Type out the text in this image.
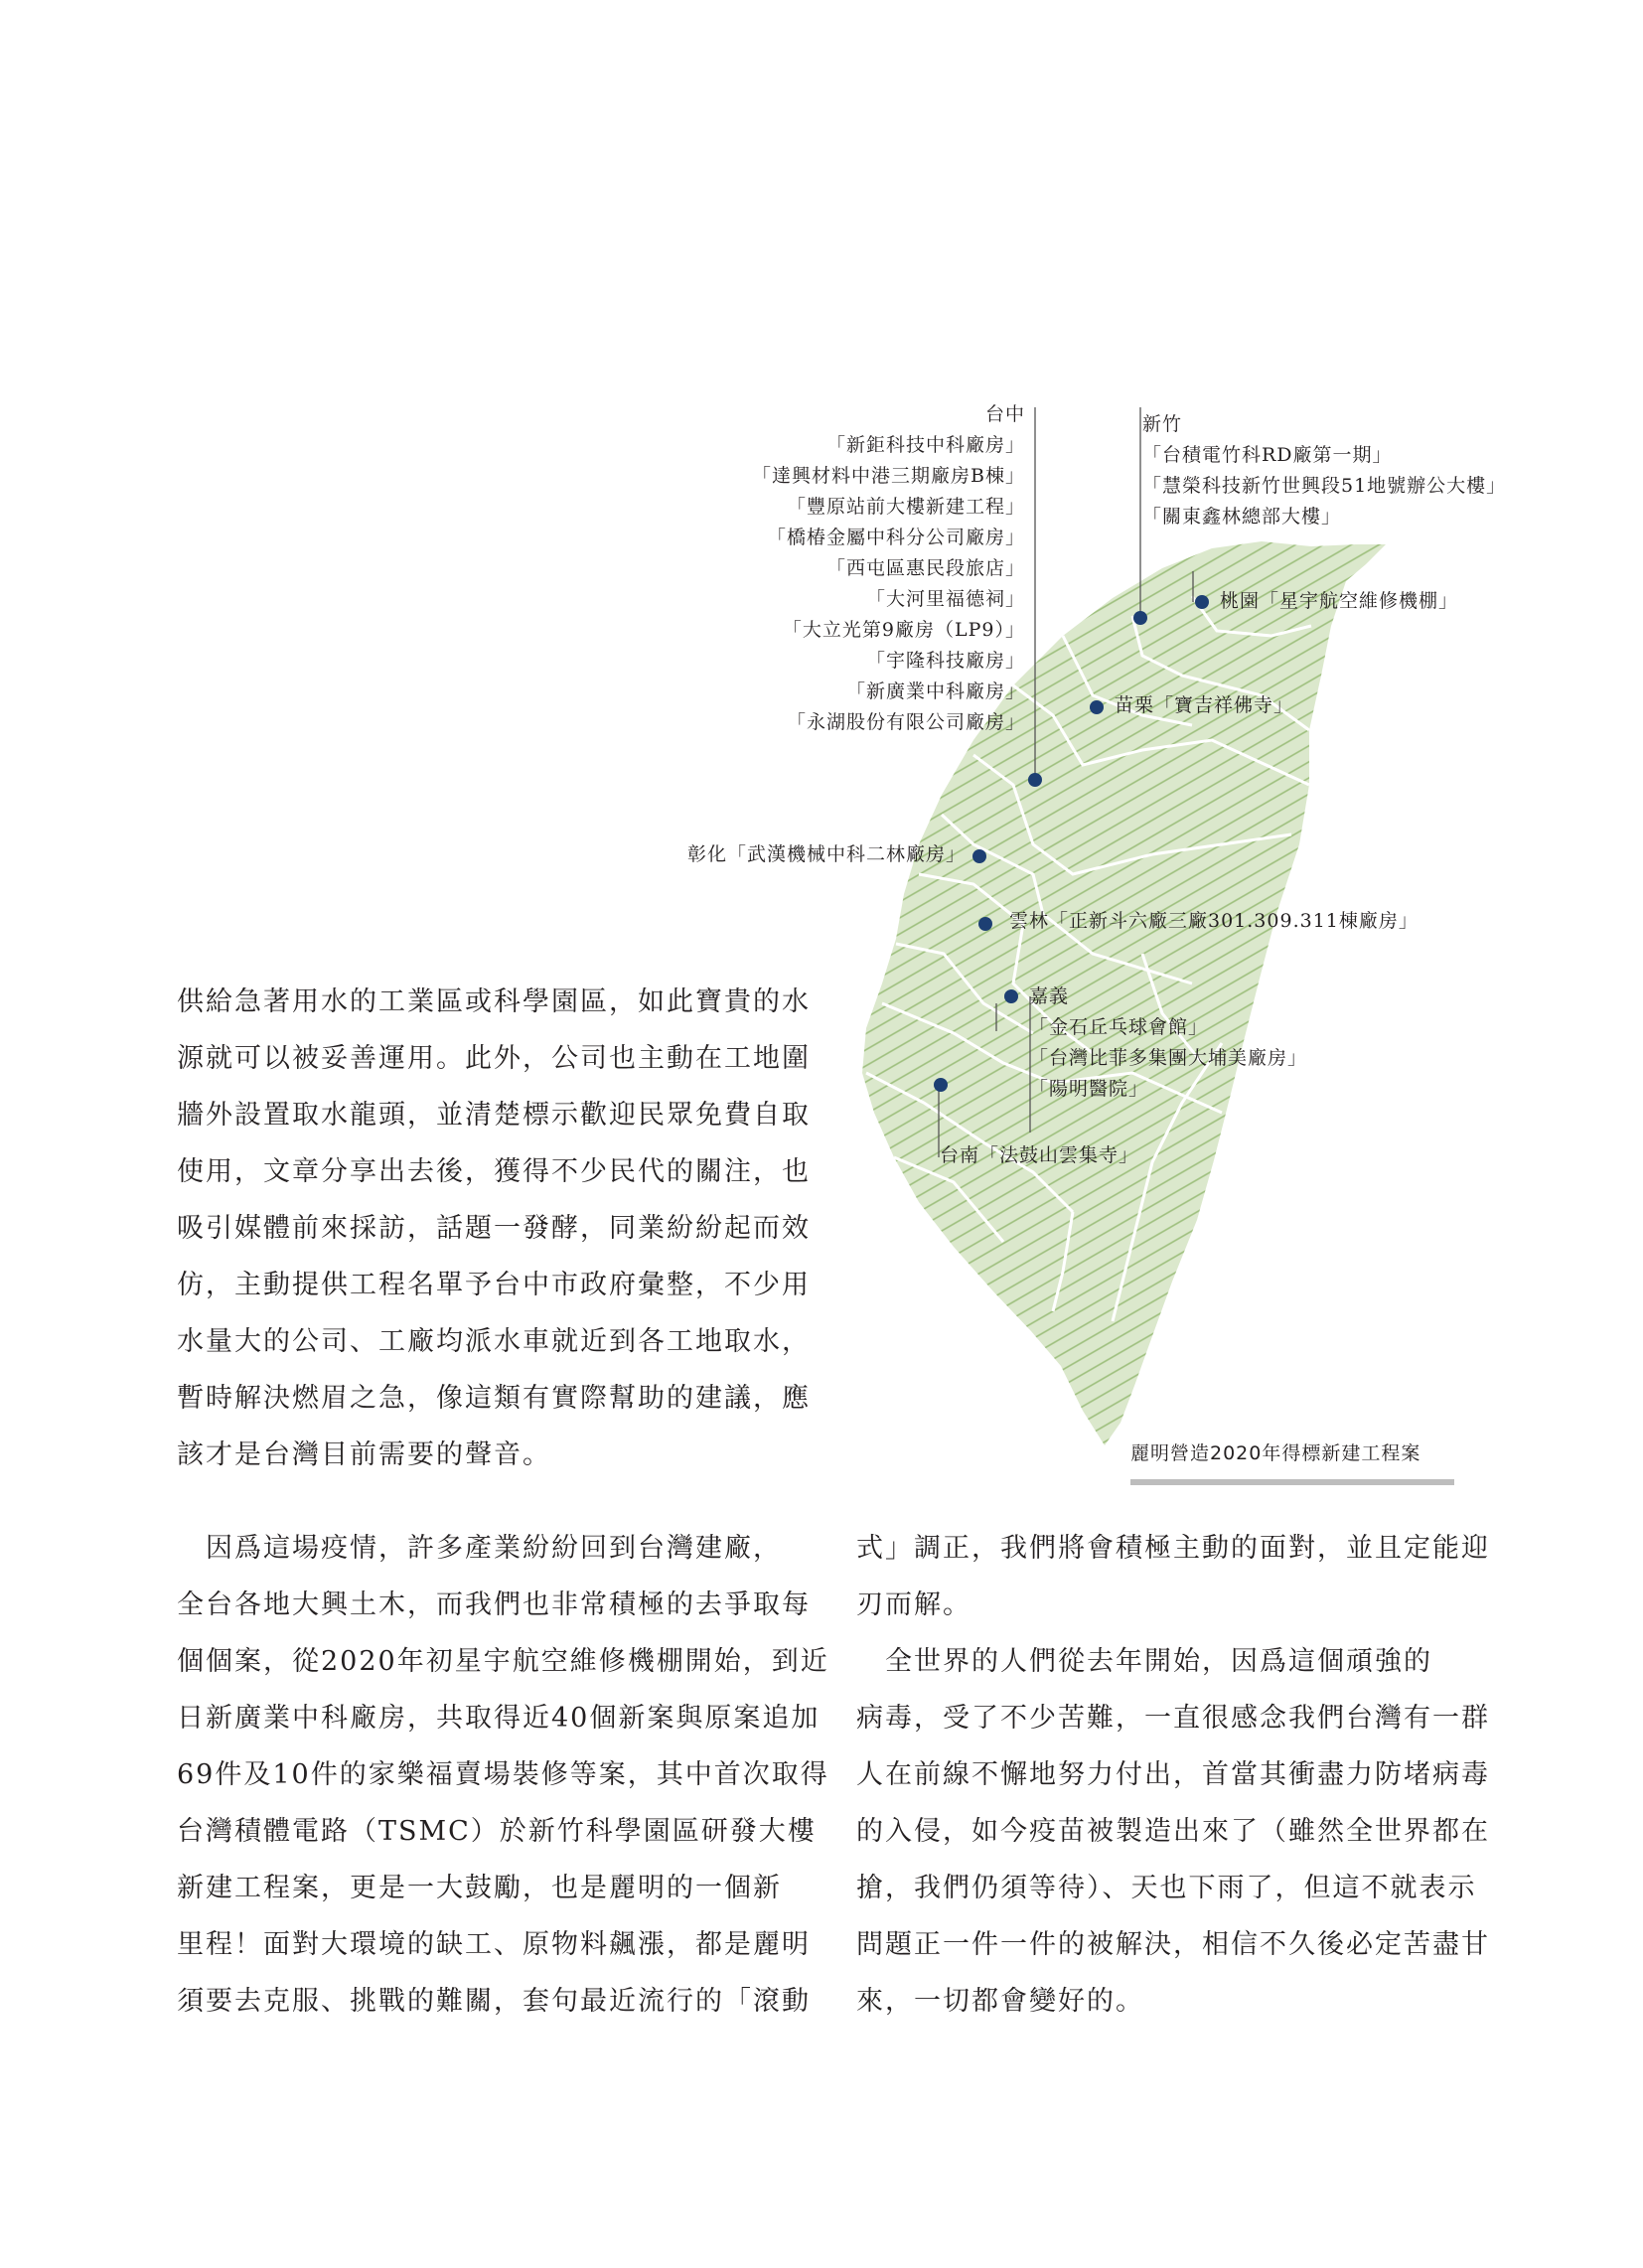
台中
「新鉅科技中科廠房」
「達興材料中港三期廠房B棟」
「豐原站前大樓新建工程」
「橋椿金屬中科分公司廠房」
「西屯區惠民段旅店」
「大河里福德祠」
「大立光第9廠房（LP9）」
「宇隆科技廠房」
「新廣業中科廠房」
「永湖股份有限公司廠房」
新竹
「台積電竹科RD廠第一期」
「慧榮科技新竹世興段51地號辦公大樓」
「關東鑫林總部大樓」
桃園「星宇航空維修機棚」
苗栗「寶吉祥佛寺」
彰化「武漢機械中科二林廠房」
雲林「正新斗六廠三廠301.309.311棟廠房」
嘉義
「金石丘乓球會館」
「台灣比菲多集團大埔美廠房」
「陽明醫院」
台南「法鼓山雲集寺」
麗明營造2020年得標新建工程案
供給急著用水的工業區或科學園區，如此寶貴的水
源就可以被妥善運用。此外，公司也主動在工地圍
牆外設置取水龍頭，並清楚標示歡迎民眾免費自取
使用，文章分享出去後，獲得不少民代的關注，也
吸引媒體前來採訪，話題一發酵，同業紛紛起而效
仿，主動提供工程名單予台中市政府彙整，不少用
水量大的公司、工廠均派水車就近到各工地取水，
暫時解決燃眉之急，像這類有實際幫助的建議，應
該才是台灣目前需要的聲音。
　因爲這場疫情，許多產業紛紛回到台灣建廠，
全台各地大興土木，而我們也非常積極的去爭取每
個個案，從2020年初星宇航空維修機棚開始，到近
日新廣業中科廠房，共取得近40個新案與原案追加
69件及10件的家樂福賣場裝修等案，其中首次取得
台灣積體電路（TSMC）於新竹科學園區研發大樓
新建工程案，更是一大鼓勵，也是麗明的一個新
里程！面對大環境的缺工、原物料飆漲，都是麗明
須要去克服、挑戰的難關，套句最近流行的「滾動
式」調正，我們將會積極主動的面對，並且定能迎
刃而解。
　全世界的人們從去年開始，因爲這個頑強的
病毒，受了不少苦難，一直很感念我們台灣有一群
人在前線不懈地努力付出，首當其衝盡力防堵病毒
的入侵，如今疫苗被製造出來了（雖然全世界都在
搶，我們仍須等待）、天也下雨了，但這不就表示
問題正一件一件的被解決，相信不久後必定苦盡甘
來，一切都會變好的。
